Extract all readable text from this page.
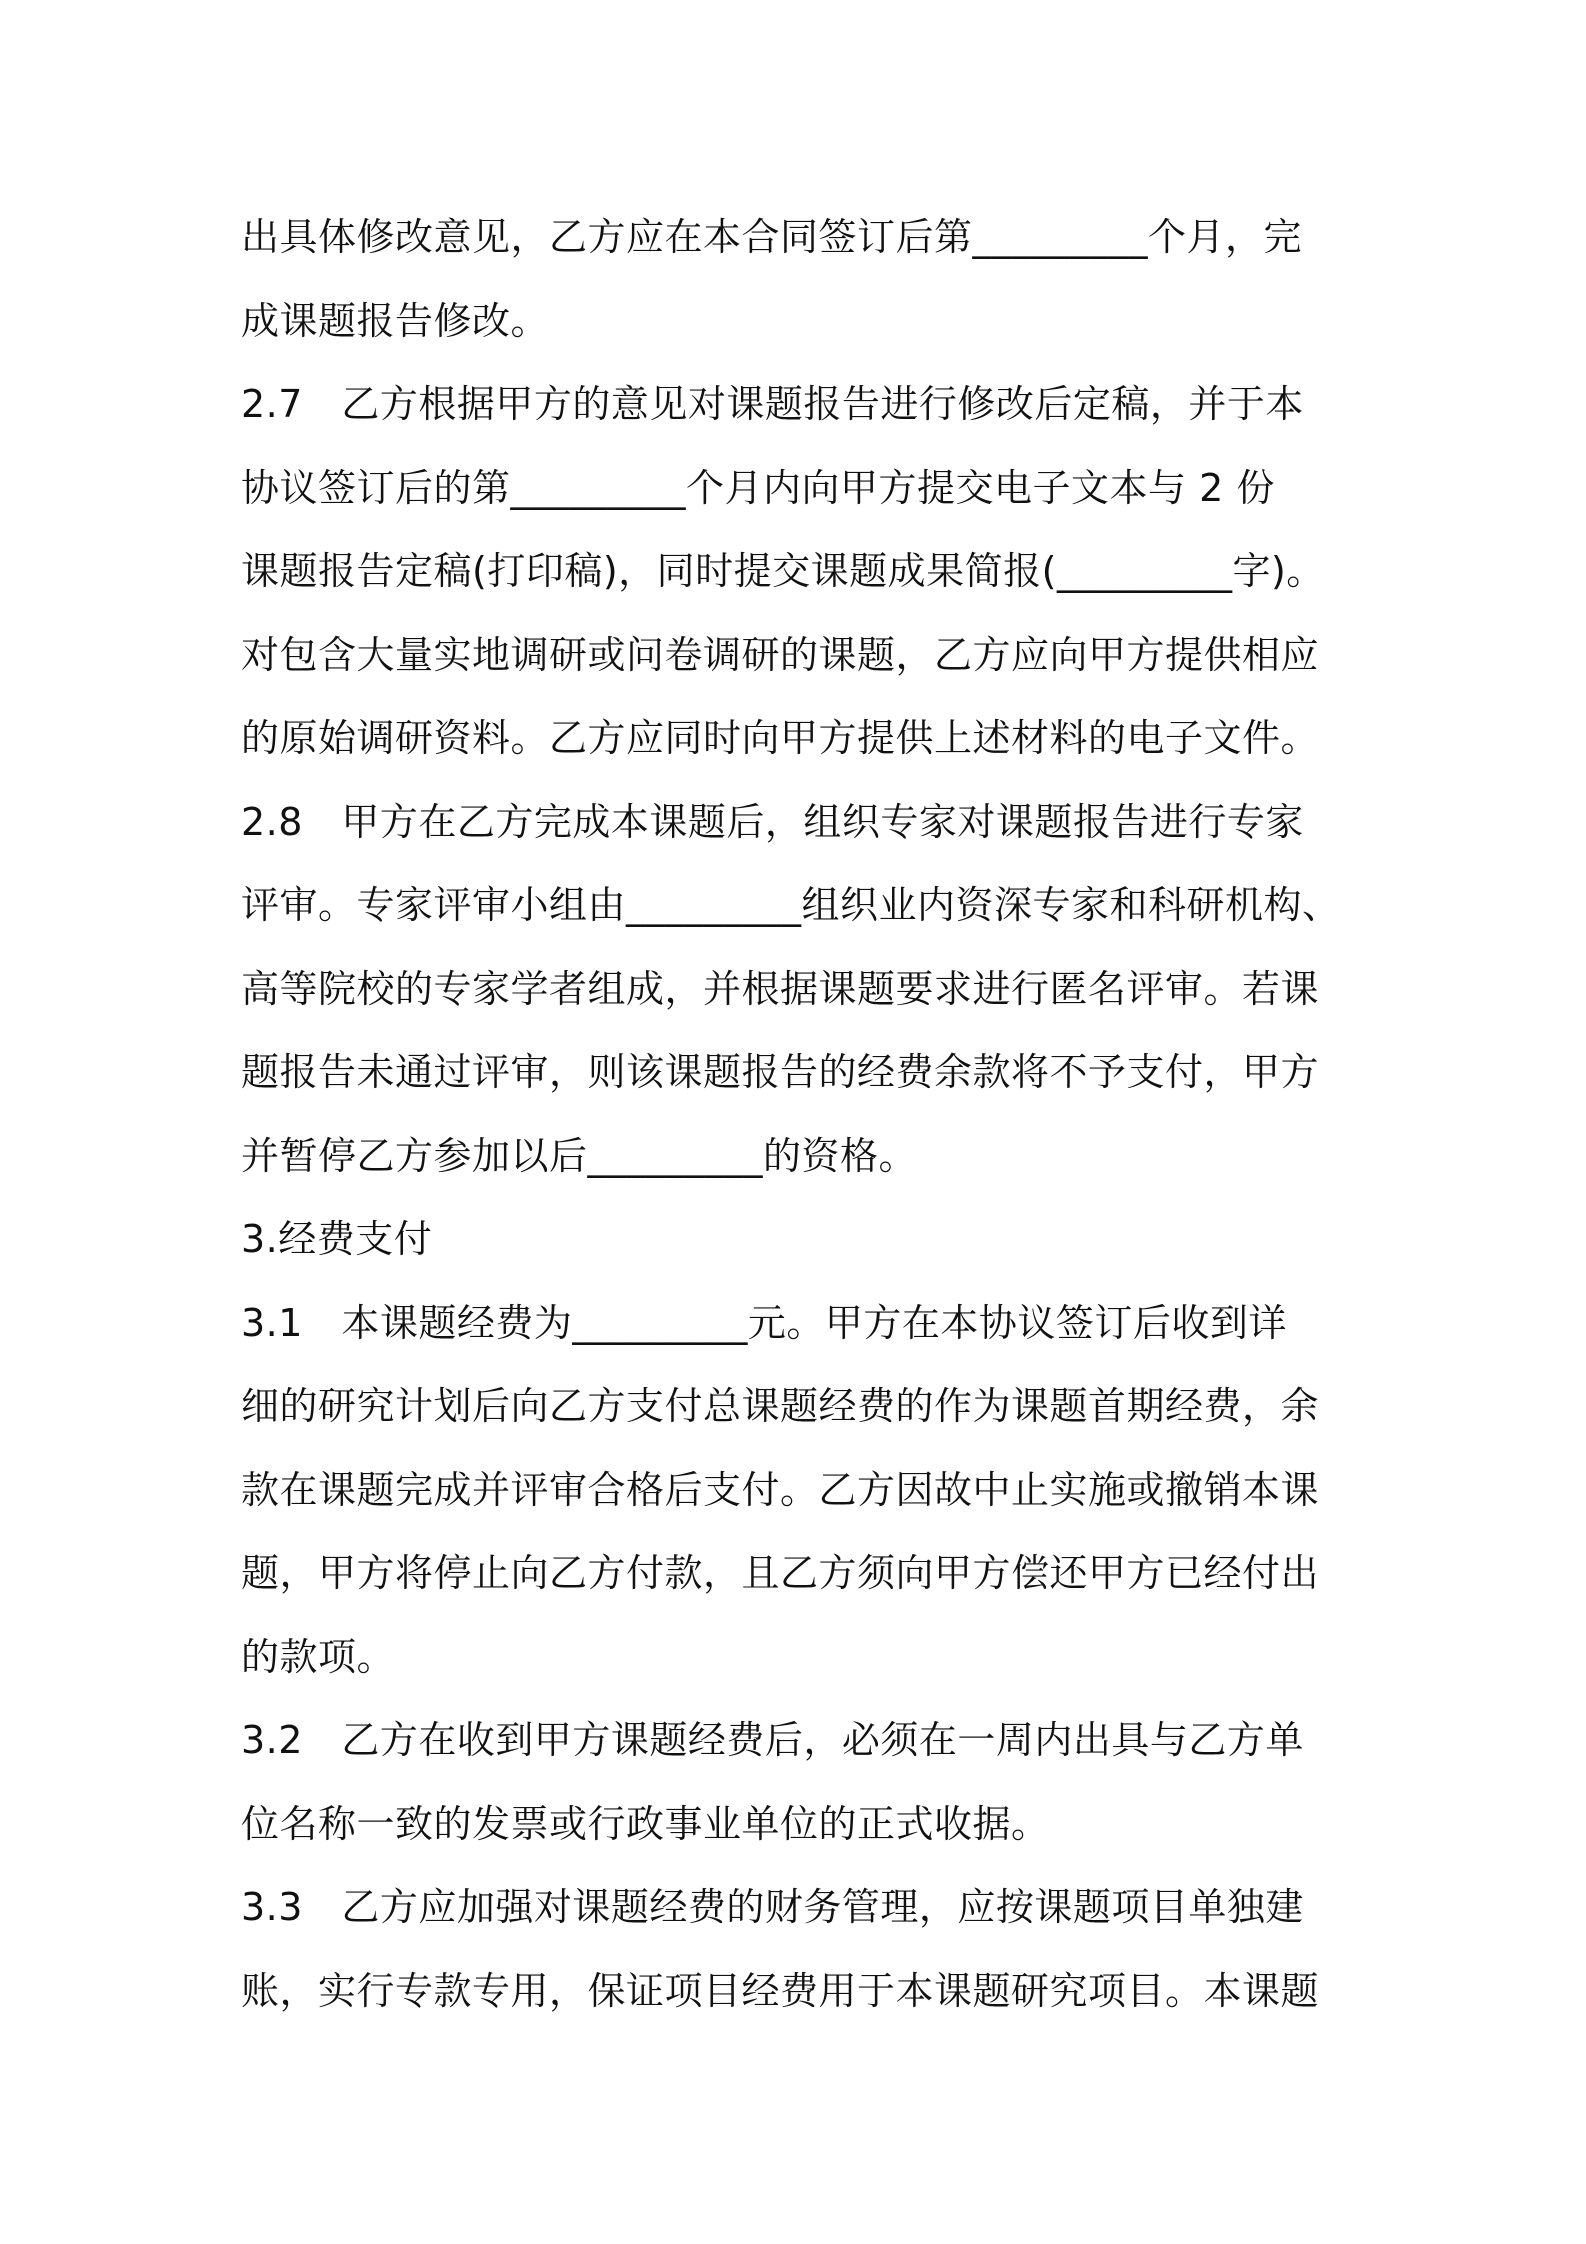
出具体修改意见，乙方应在本合同签订后第_________个月，完
成课题报告修改。
2.7　乙方根据甲方的意见对课题报告进行修改后定稿，并于本
协议签订后的第_________个月内向甲方提交电子文本与 2 份
课题报告定稿(打印稿)，同时提交课题成果简报(_________字)。
对包含大量实地调研或问卷调研的课题，乙方应向甲方提供相应
的原始调研资料。乙方应同时向甲方提供上述材料的电子文件。
2.8　甲方在乙方完成本课题后，组织专家对课题报告进行专家
评审。专家评审小组由_________组织业内资深专家和科研机构、
高等院校的专家学者组成，并根据课题要求进行匿名评审。若课
题报告未通过评审，则该课题报告的经费余款将不予支付，甲方
并暂停乙方参加以后_________的资格。
3.经费支付
3.1　本课题经费为_________元。甲方在本协议签订后收到详
细的研究计划后向乙方支付总课题经费的作为课题首期经费，余
款在课题完成并评审合格后支付。乙方因故中止实施或撤销本课
题，甲方将停止向乙方付款，且乙方须向甲方偿还甲方已经付出
的款项。
3.2　乙方在收到甲方课题经费后，必须在一周内出具与乙方单
位名称一致的发票或行政事业单位的正式收据。
3.3　乙方应加强对课题经费的财务管理，应按课题项目单独建
账，实行专款专用，保证项目经费用于本课题研究项目。本课题
